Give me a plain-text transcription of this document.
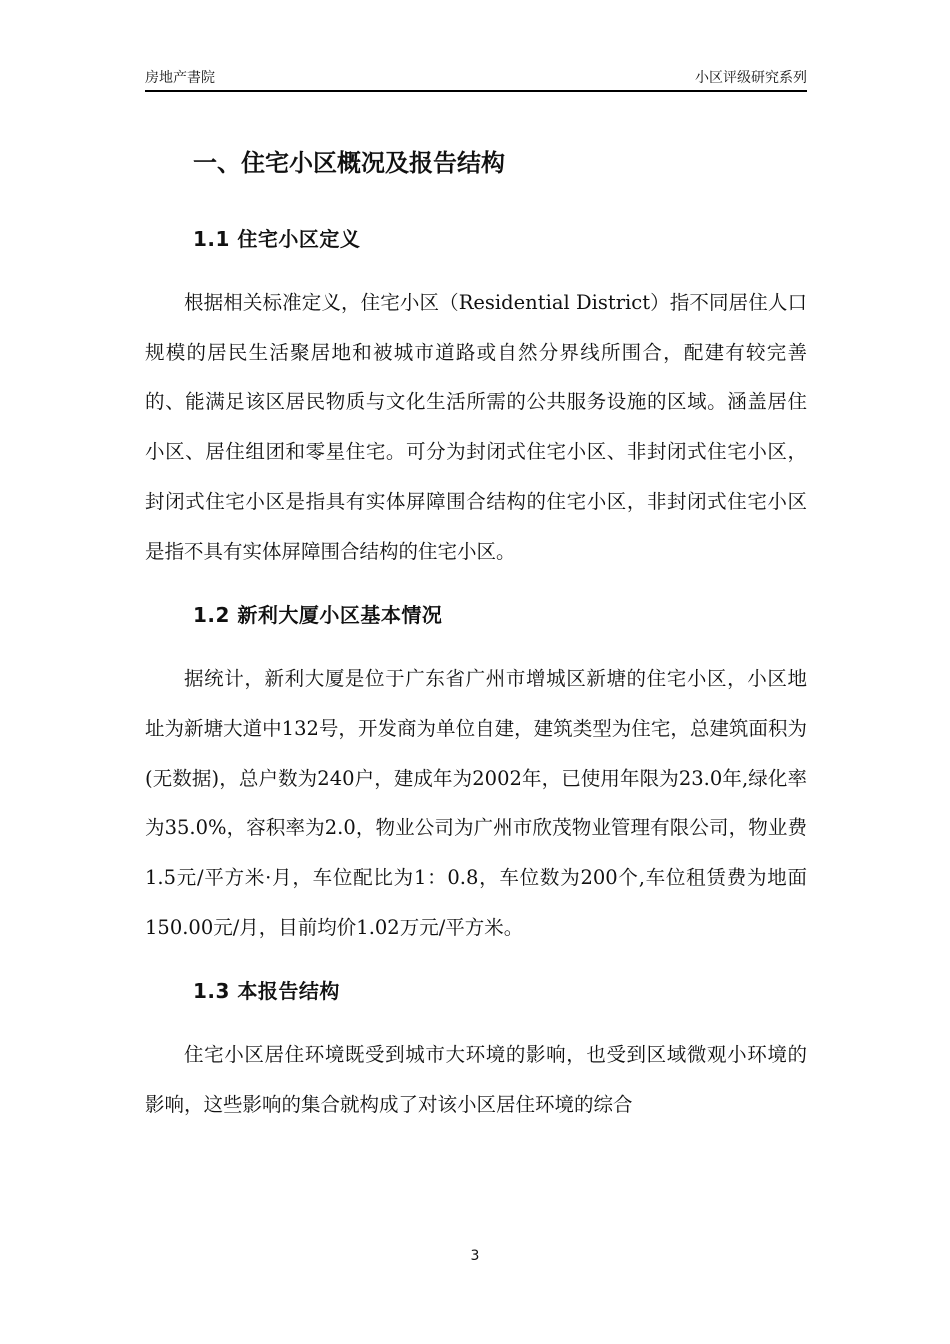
房地产書院	小区评级研究系列
一、住宅小区概况及报告结构
1.1 住宅小区定义

根据相关标准定义，住宅小区（Residential District）指不同居住人口规模的居民生活聚居地和被城市道路或自然分界线所围合，配建有较完善的、能满足该区居民物质与文化生活所需的公共服务设施的区域。涵盖居住小区、居住组团和零星住宅。可分为封闭式住宅小区、非封闭式住宅小区，封闭式住宅小区是指具有实体屏障围合结构的住宅小区，非封闭式住宅小区是指不具有实体屏障围合结构的住宅小区。

1.2 新利大厦小区基本情况

据统计，新利大厦是位于广东省广州市增城区新塘的住宅小区，小区地址为新塘大道中132号，开发商为单位自建，建筑类型为住宅，总建筑面积为(无数据)，总户数为240户，建成年为2002年，已使用年限为23.0年,绿化率为35.0%，容积率为2.0，物业公司为广州市欣茂物业管理有限公司，物业费1.5元/平方米·月，车位配比为1：0.8，车位数为200个,车位租赁费为地面150.00元/月，目前均价1.02万元/平方米。

1.3 本报告结构

住宅小区居住环境既受到城市大环境的影响，也受到区域微观小环境的影响，这些影响的集合就构成了对该小区居住环境的综合

3
